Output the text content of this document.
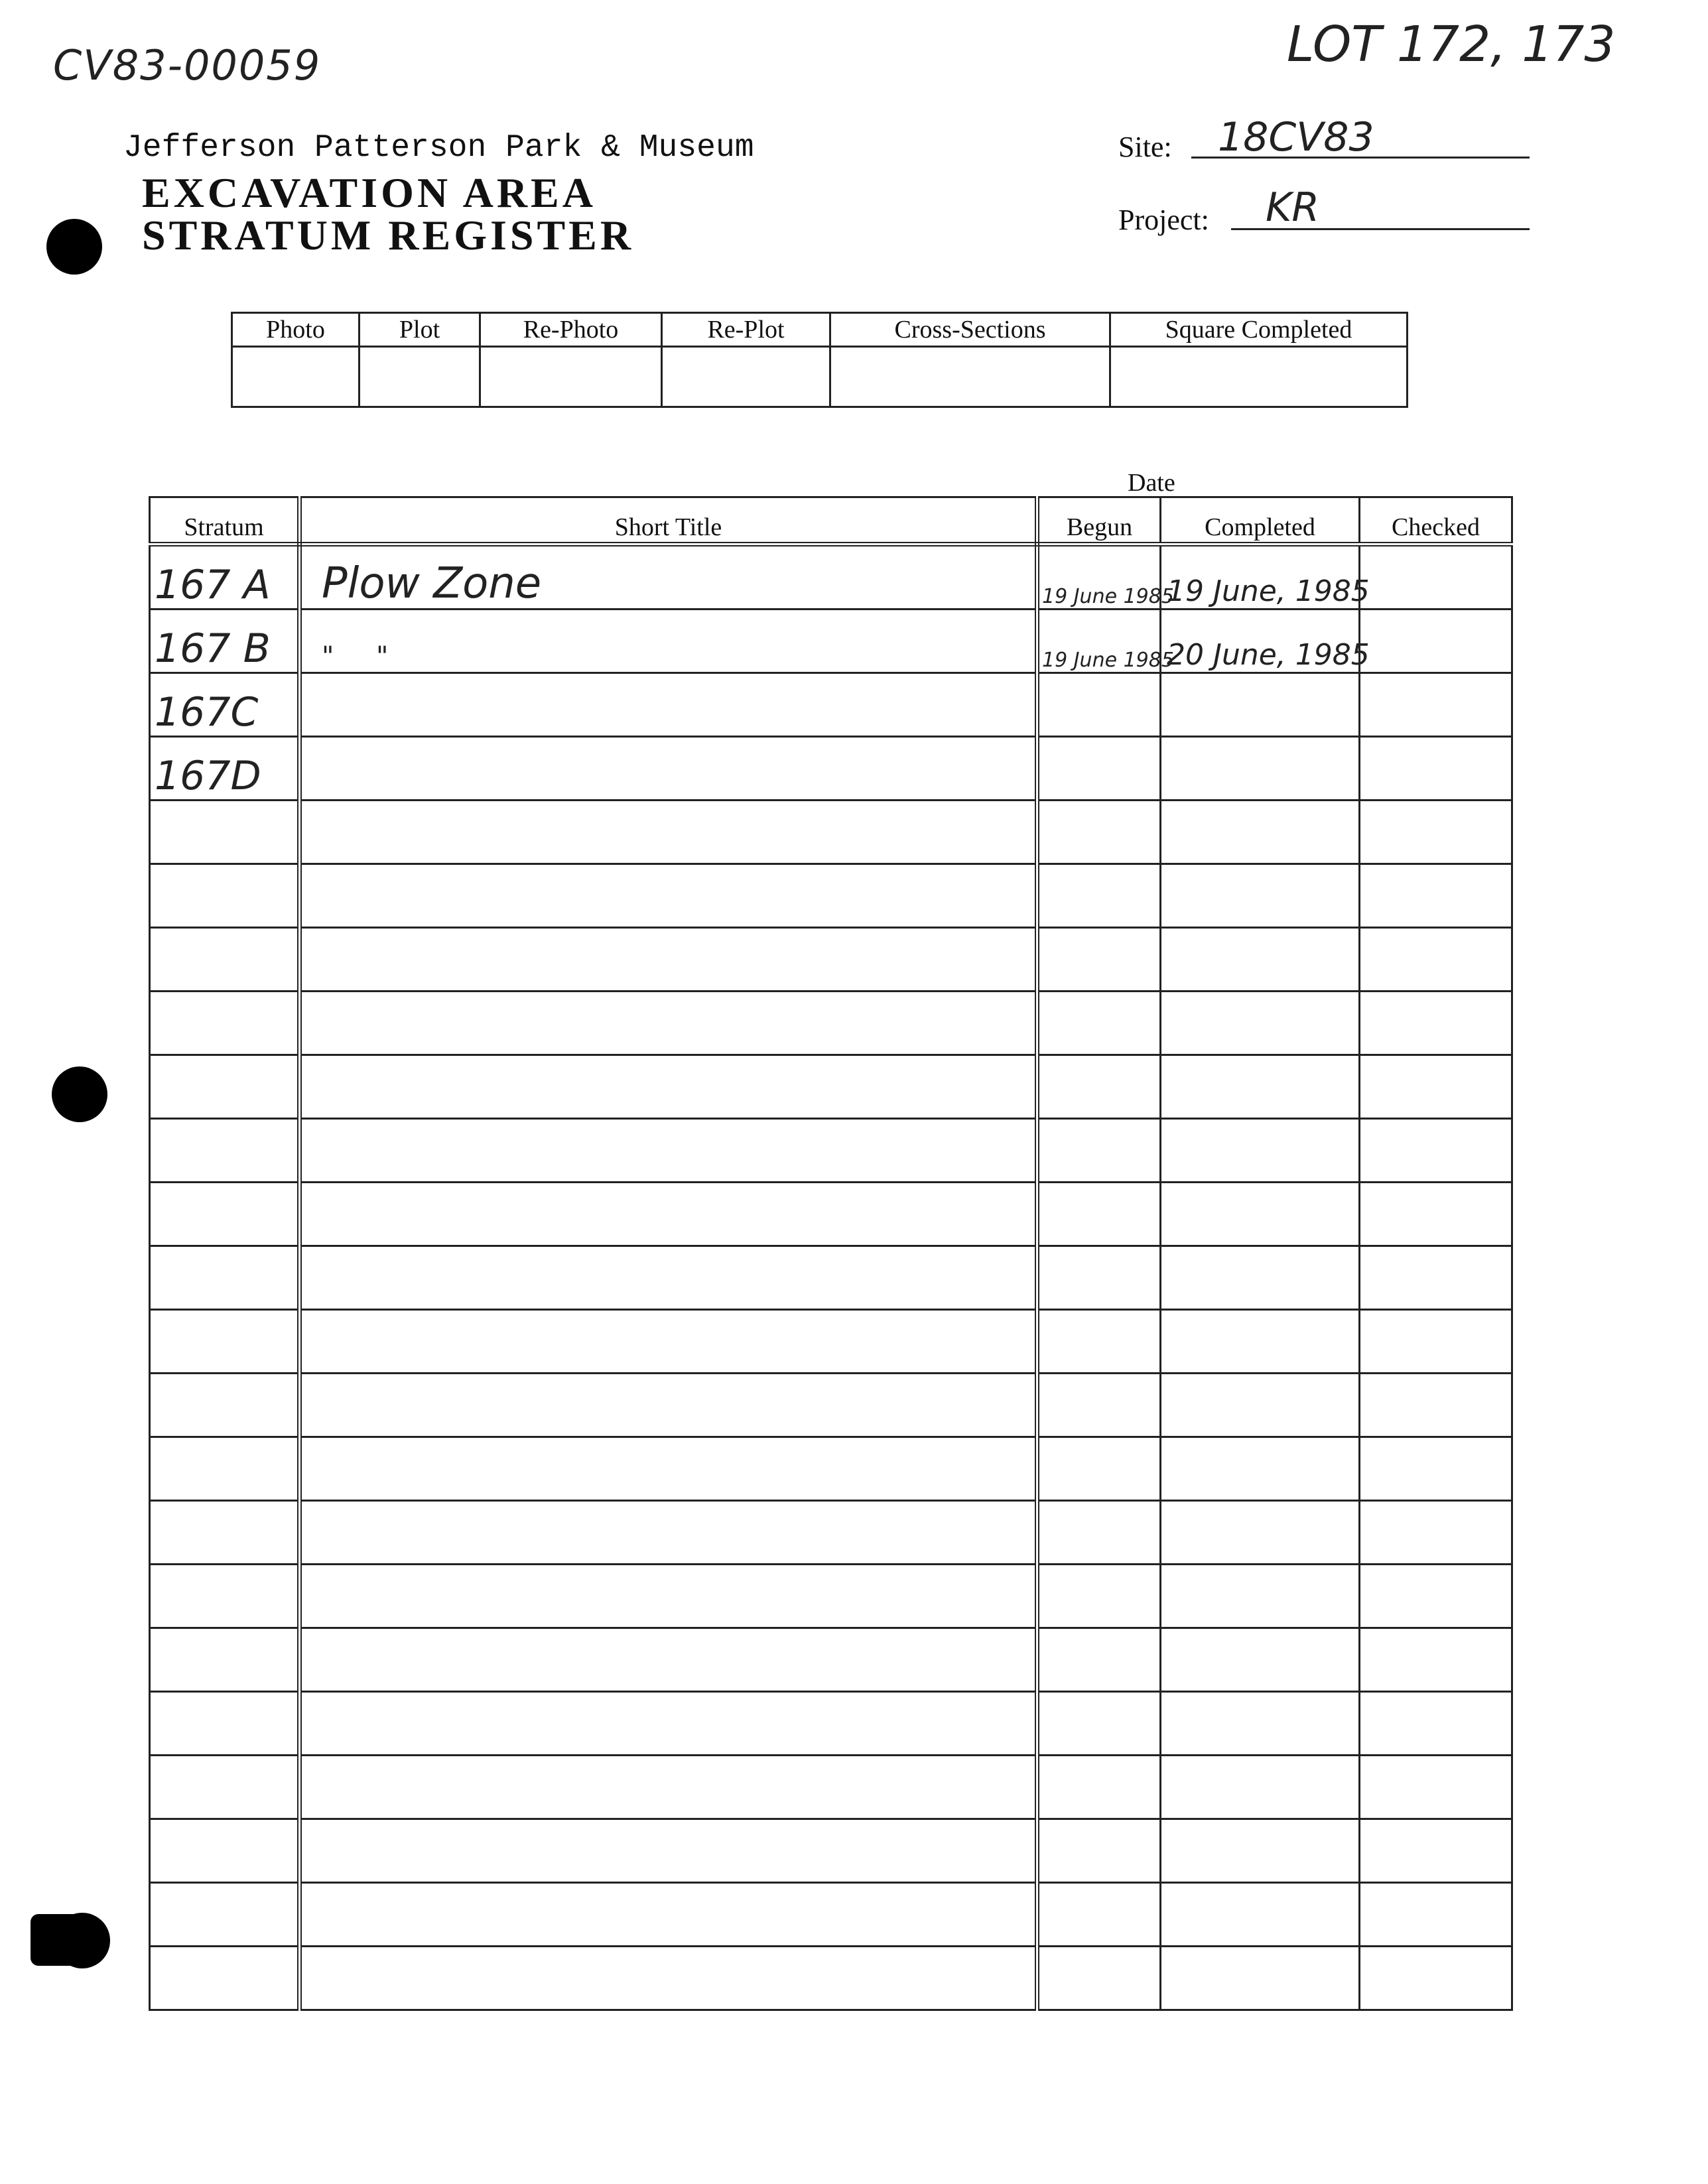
CV83-00059	LOT 172, 173
Jefferson Patterson Park & Museum
EXCAVATION AREA
STRATUM REGISTER
Site: 18CV83
Project: KR
Photo	Plot	Re-Photo	Re-Plot	Cross-Sections	Square Completed

Date
Stratum	Short Title	Begun	Completed	Checked
167 A	Plow Zone	19 June 1985	19 June, 1985	
167 B	"     "	19 June 1985	20 June, 1985	
167C				
167D				
